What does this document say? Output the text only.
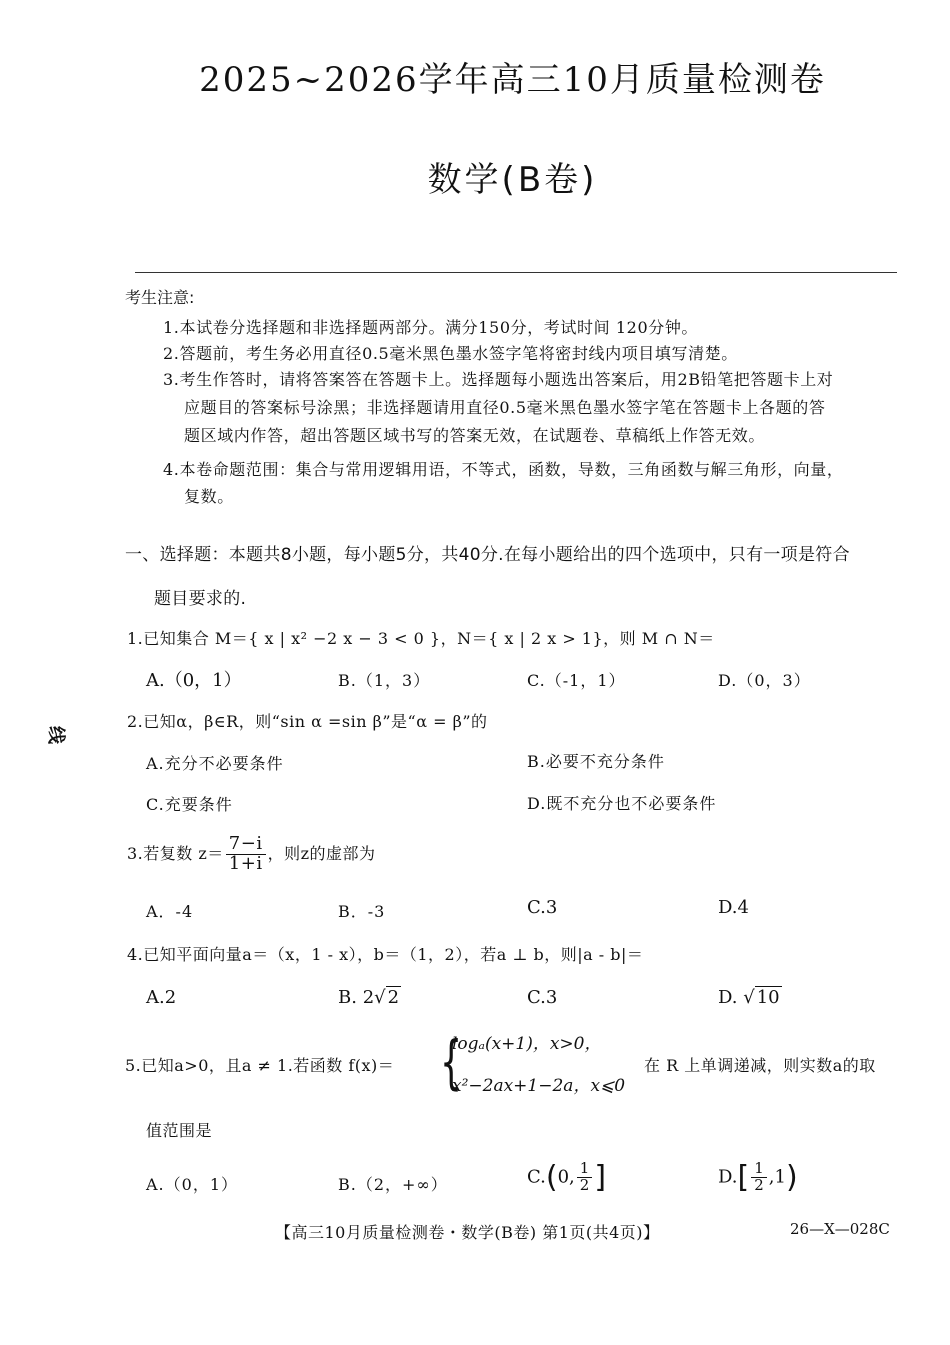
2025~2026学年高三10月质量检测卷
数学(B卷)
考生注意:
1.本试卷分选择题和非选择题两部分。满分150分，考试时间 120分钟。
2.答题前，考生务必用直径0.5毫米黑色墨水签字笔将密封线内项目填写清楚。
3.考生作答时，请将答案答在答题卡上。选择题每小题选出答案后，用2B铅笔把答题卡上对
应题目的答案标号涂黑；非选择题请用直径0.5毫米黑色墨水签字笔在答题卡上各题的答
题区域内作答，超出答题区域书写的答案无效，在试题卷、草稿纸上作答无效。
4.本卷命题范围：集合与常用逻辑用语，不等式，函数，导数，三角函数与解三角形，向量，
复数。
线
一、选择题：本题共8小题，每小题5分，共40分.在每小题给出的四个选项中，只有一项是符合
题目要求的.
1.已知集合 M＝{ x | x² −2 x − 3 < 0 }，N＝{ x | 2 x > 1}，则 M ∩ N＝
A.（0，1）	B.（1，3）	C.（-1，1）	D.（0，3）
2.已知α，β∈R，则“sin α =sin β”是“α = β”的
A.充分不必要条件	B.必要不充分条件
C.充要条件	D.既不充分也不必要条件
3.若复数 $z= \frac{7-i}{1+i}$ ，则z的虚部为
A．-4	B．-3	C.3	D.4
4.已知平面向量a＝（x，1 - x），b＝（1，2），若a ⊥ b，则|a - b|＝
A.2	B. 2√ 2	C.3	D. √ 10
5.已知a>0，且a ≠ 1.若函数 f(x)＝ {
logₐ(x+1)，x>0，
x²−2ax+1−2a，x⩽0
在 R 上单调递减，则实数a的取
值范围是
A.（0，1）	B.（2，+∞）	C.(0, $\frac{1}{2}$ ]	$D.[ \frac{1}{2} ,1)$
【高三10月质量检测卷・数学(B卷) 第1页(共4页)】	26—X—028C
